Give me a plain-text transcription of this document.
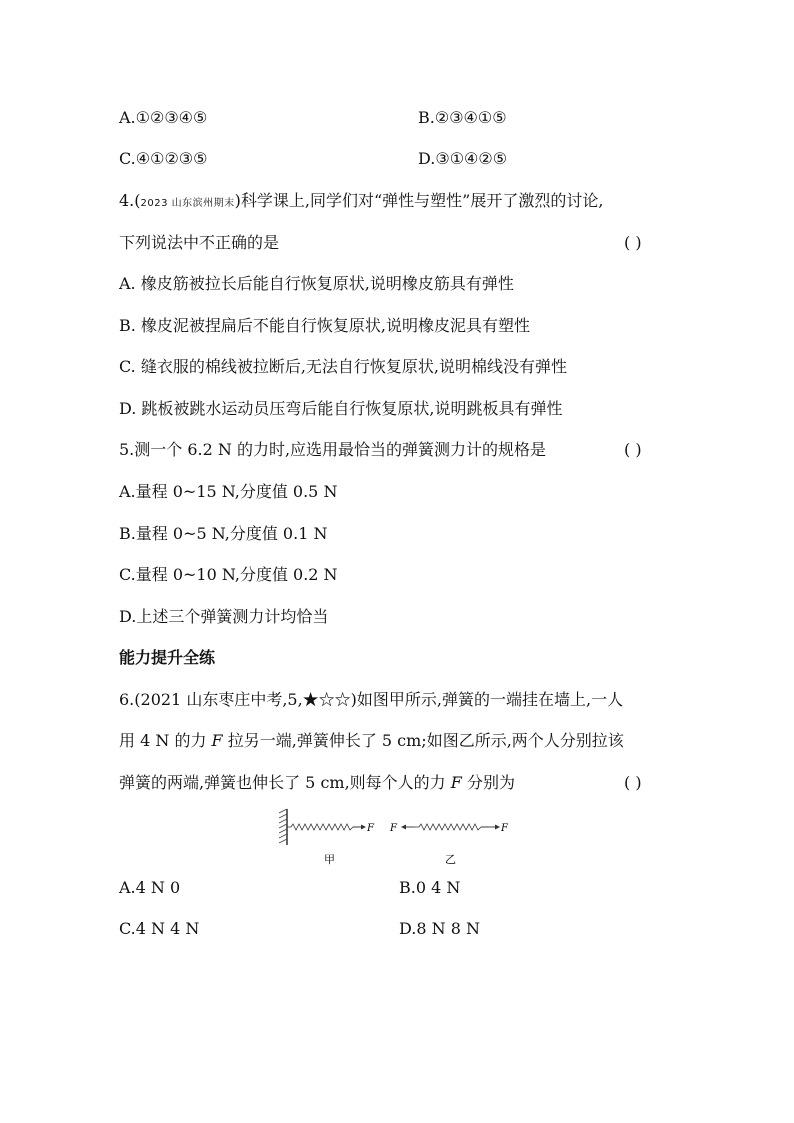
A.①②③④⑤	B.②③④①⑤
C.④①②③⑤	D.③①④②⑤
4.(2023 山东滨州期末)科学课上,同学们对“弹性与塑性”展开了激烈的讨论,
下列说法中不正确的是	( )
A. 橡皮筋被拉长后能自行恢复原状,说明橡皮筋具有弹性
B. 橡皮泥被捏扁后不能自行恢复原状,说明橡皮泥具有塑性
C. 缝衣服的棉线被拉断后,无法自行恢复原状,说明棉线没有弹性
D. 跳板被跳水运动员压弯后能自行恢复原状,说明跳板具有弹性
5.测一个 6.2 N 的力时,应选用最恰当的弹簧测力计的规格是	( )
A.量程 0~15 N,分度值 0.5 N
B.量程 0~5 N,分度值 0.1 N
C.量程 0~10 N,分度值 0.2 N
D.上述三个弹簧测力计均恰当
能力提升全练
6.(2021 山东枣庄中考,5,★☆☆)如图甲所示,弹簧的一端挂在墙上,一人
用 4 N 的力 F 拉另一端,弹簧伸长了 5 cm;如图乙所示,两个人分别拉该
弹簧的两端,弹簧也伸长了 5 cm,则每个人的力 F 分别为	( )
F F	F
甲	乙
A.4 N 0	B.0 4 N
C.4 N 4 N	D.8 N 8 N
